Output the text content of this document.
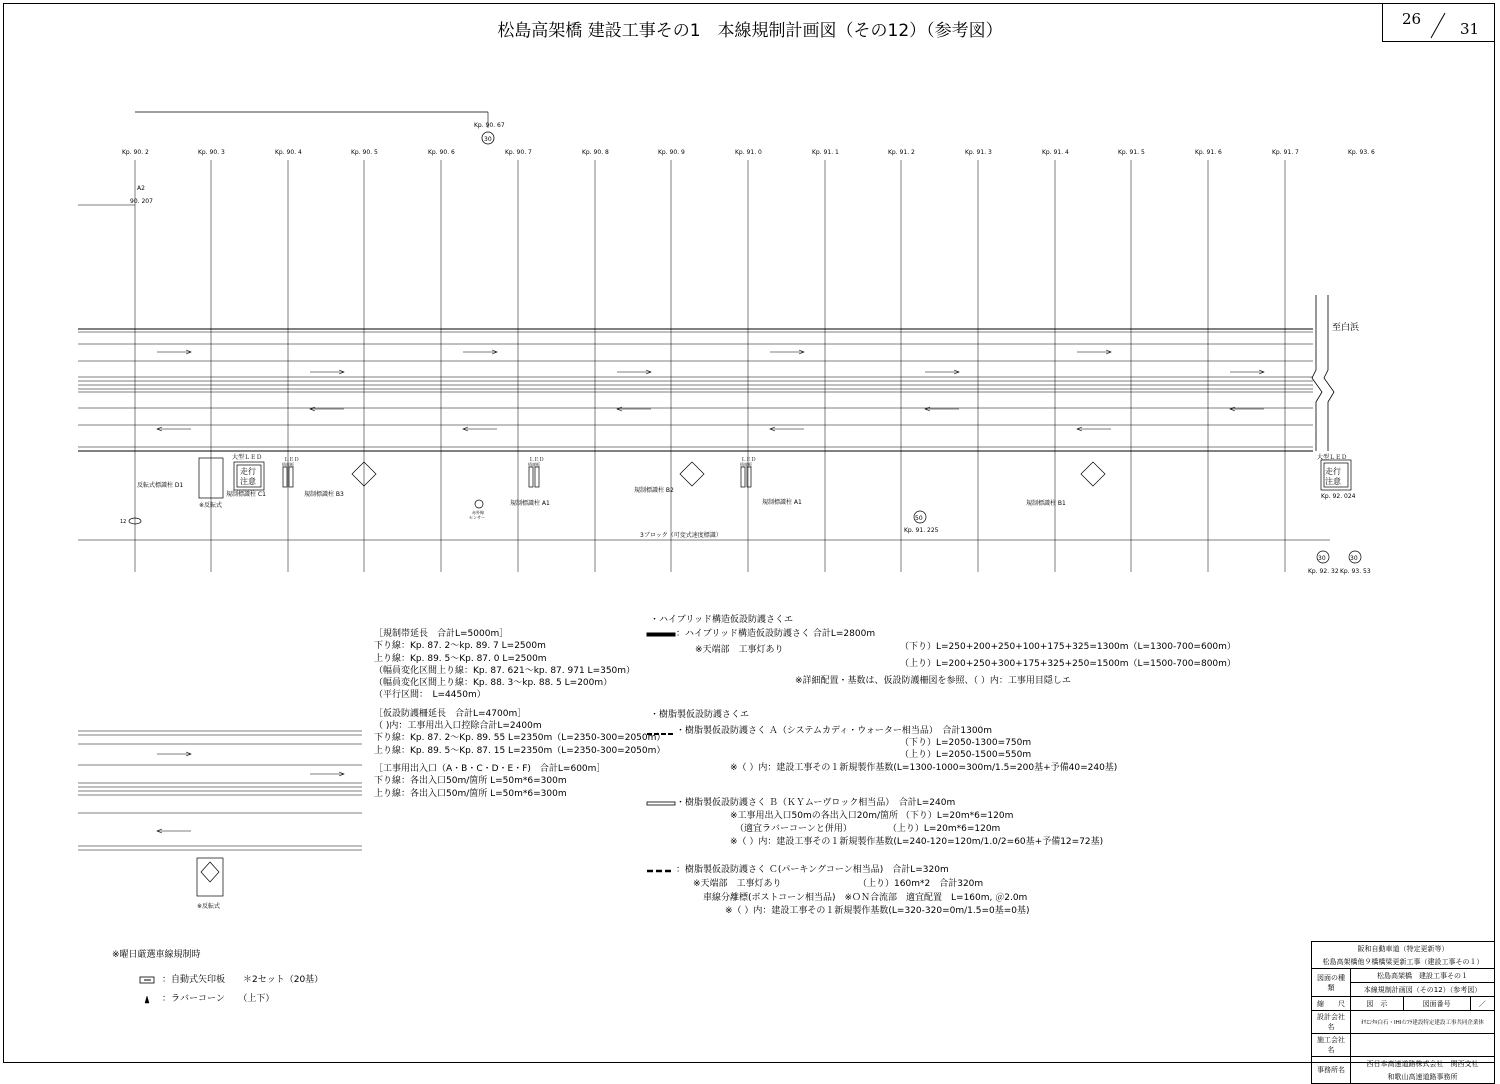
松島高架橋 建設工事その1　本線規制計画図（その12）（参考図）
26
31
Kp. 90. 67
30
Kp. 90. 2	Kp. 90. 3	Kp. 90. 4	Kp. 90. 5	Kp. 90. 6	Kp. 90. 7	Kp. 90. 8	Kp. 90. 9	Kp. 91. 0	Kp. 91. 1	Kp. 91. 2	Kp. 91. 3	Kp. 91. 4	Kp. 91. 5	Kp. 91. 6	Kp. 91. 7	Kp. 93. 6
A2
90. 207
至白浜
大型ＬＥＤ
走行
注意
大型ＬＥＤ
走行
注意
ＬＥＤ
情報板
ＬＥＤ
情報板
ＬＥＤ
情報板
反転式標識柱 D1
※反転式
規制標識柱 C1	規制標識柱 B3
規制標識柱 A1
規制標識柱 B2
規制標識柱 A1	規制標識柱 B1
赤外線
センサー	50
Kp. 91. 225
3ブロック（可変式速度標識）
Kp. 92. 024
30	30
Kp. 92. 32 Kp. 93. 53
12
※反転式
［規制帯延長　合計L=5000m］
下り線：Kp. 87. 2～kp. 89. 7 L=2500m
上り線：Kp. 89. 5～Kp. 87. 0 L=2500m
（幅員変化区間上り線：Kp. 87. 621～kp. 87. 971 L=350m）
（幅員変化区間上り線：Kp. 88. 3～kp. 88. 5 L=200m）
（平行区間：　L=4450m）
［仮設防護柵延長　合計L=4700m］
（ )内：工事用出入口控除合計L=2400m
下り線：Kp. 87. 2～Kp. 89. 55 L=2350m（L=2350-300=2050m）
上り線：Kp. 89. 5～Kp. 87. 15 L=2350m（L=2350-300=2050m）
［工事用出入口（A・B・C・D・E・F)　合計L=600m］
下り線：各出入口50m/箇所 L=50m*6=300m
上り線：各出入口50m/箇所 L=50m*6=300m
・ハイブリッド構造仮設防護さくエ
：ハイブリッド構造仮設防護さく 合計L=2800m
※天端部　工事灯あり	（下り）L=250+200+250+100+175+325=1300m（L=1300-700=600m）
（上り）L=200+250+300+175+325+250=1500m（L=1500-700=800m）
※詳細配置・基数は、仮設防護柵図を参照、（ ）内：工事用目隠しエ
・樹脂製仮設防護さくエ
・樹脂製仮設防護さく Ａ（システムカディ・ウォーター相当品）　合計1300m
（下り）L=2050-1300=750m
（上り）L=2050-1500=550m
※（ ）内：建設工事その１新規製作基数(L=1300-1000=300m/1.5=200基+予備40=240基)
・樹脂製仮設防護さく Ｂ（ＫＹムーヴロック相当品）　合計L=240m
※工事用出入口50mの各出入口20m/箇所 （下り）L=20m*6=120m
（適宜ラバーコーンと併用）　　　　　（上り）L=20m*6=120m
※（ ）内：建設工事その１新規製作基数(L=240-120=120m/1.0/2=60基+予備12=72基)
：樹脂製仮設防護さく Ｃ(パーキングコーン相当品)　合計L=320m
※天端部　工事灯あり　　　　　　　　　（上り）160m*2　合計320m
車線分離標(ボストコーン相当品)　※ＯＮ合流部　適宜配置　L=160m, ＠2.0m
※（ ）内：建設工事その１新規製作基数(L=320-320=0m/1.5=0基=0基)
※曜日厳選車線規制時
：自動式矢印板　　＊2セット（20基）
：ラバーコーン　　（上下）
阪和自動車道（特定更新等）			
松島高架橋他９橋橋梁更新工事（建設工事その１）			
図面の種類	松島高架橋　建設工事その１		
	本線規制計画図（その12）（参考図）		
縮　　尺	図　示	図面番号	／
設計会社名	ｵﾘｴﾝﾀﾙ白石・IHIｲﾝﾌﾗ建設特定建設工事共同企業体		
施工会社名			
事務所名	西日本高速道路株式会社　関西支社		
	和歌山高速道路事務所		
